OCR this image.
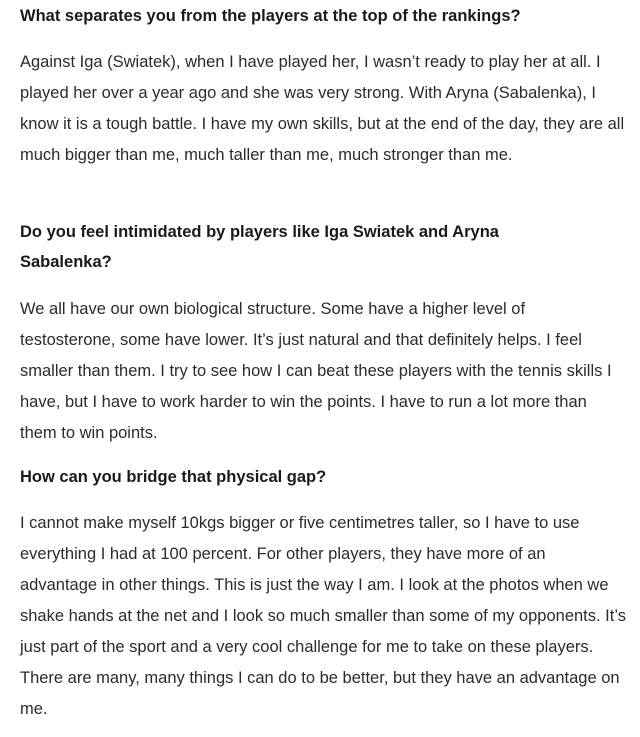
What separates you from the players at the top of the rankings?

Against Iga (Swiatek), when I have played her, I wasn’t ready to play her at all. I played her over a year ago and she was very strong. With Aryna (Sabalenka), I know it is a tough battle. I have my own skills, but at the end of the day, they are all much bigger than me, much taller than me, much stronger than me.

Do you feel intimidated by players like Iga Swiatek and Aryna Sabalenka?

We all have our own biological structure. Some have a higher level of testosterone, some have lower. It’s just natural and that definitely helps. I feel smaller than them. I try to see how I can beat these players with the tennis skills I have, but I have to work harder to win the points. I have to run a lot more than them to win points.

How can you bridge that physical gap?

I cannot make myself 10kgs bigger or five centimetres taller, so I have to use everything I had at 100 percent. For other players, they have more of an advantage in other things. This is just the way I am. I look at the photos when we shake hands at the net and I look so much smaller than some of my opponents. It’s just part of the sport and a very cool challenge for me to take on these players. There are many, many things I can do to be better, but they have an advantage on me.
